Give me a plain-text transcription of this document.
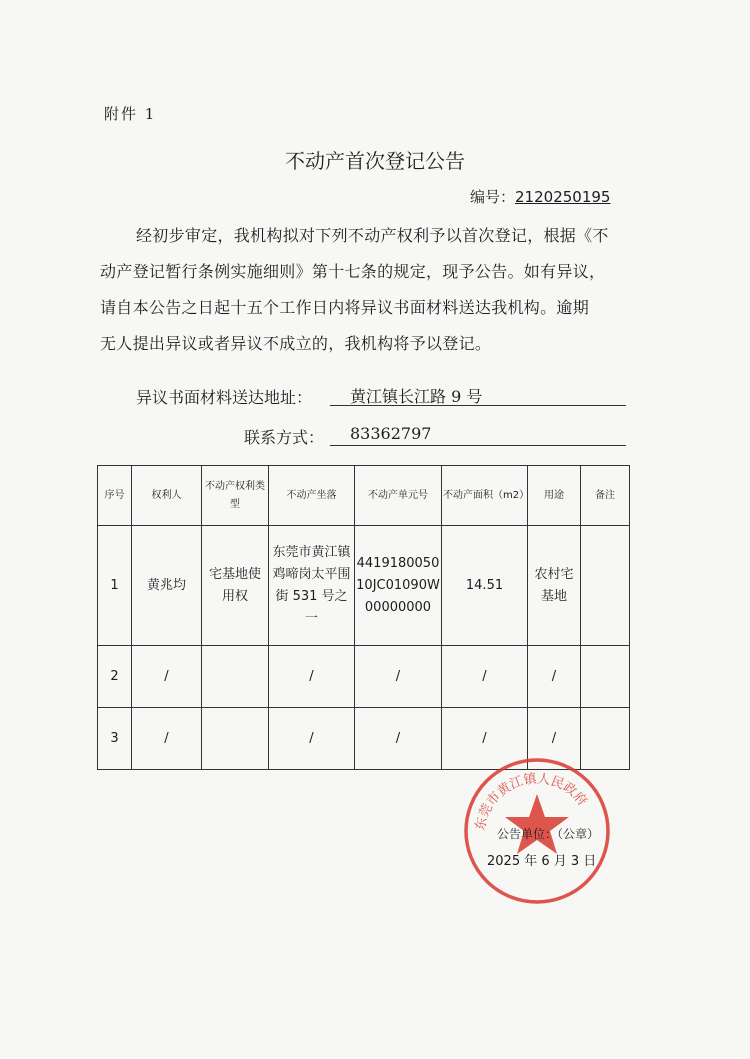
附件 1
不动产首次登记公告
编号：2120250195
经初步审定，我机构拟对下列不动产权利予以首次登记，根据《不
动产登记暂行条例实施细则》第十七条的规定，现予公告。如有异议，
请自本公告之日起十五个工作日内将异议书面材料送达我机构。逾期
无人提出异议或者异议不成立的，我机构将予以登记。
异议书面材料送达地址：	黄江镇长江路 9 号
联系方式：	83362797
序号	权利人	不动产权利类型	不动产坐落	不动产单元号	不动产面积（m2）	用途	备注
1	黄兆均	宅基地使用权	东莞市黄江镇鸡啼岗太平围街 531 号之一	441918005010JC01090W00000000	14.51	农村宅基地	
2	/		/	/	/	/	
3	/		/	/	/	/	
东莞市黄江镇人民政府
公告单位：（公章）
2025 年 6 月 3 日
